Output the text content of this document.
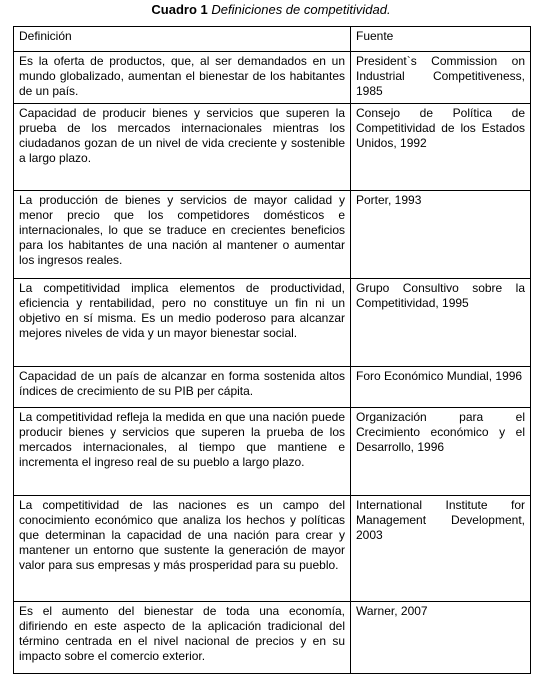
Cuadro 1 Definiciones de competitividad.
Definición	Fuente
Es la oferta de productos, que, al ser demandados en un mundo globalizado, aumentan el bienestar de los habitantes de un país.	President`s Commission on Industrial Competitiveness, 1985
Capacidad de producir bienes y servicios que superen la prueba de los mercados internacionales mientras los ciudadanos gozan de un nivel de vida creciente y sostenible a largo plazo.	Consejo de Política de Competitividad de los Estados Unidos, 1992
La producción de bienes y servicios de mayor calidad y menor precio que los competidores domésticos e internacionales, lo que se traduce en crecientes beneficios para los habitantes de una nación al mantener o aumentar los ingresos reales.	Porter, 1993
La competitividad implica elementos de productividad, eficiencia y rentabilidad, pero no constituye un fin ni un objetivo en sí misma. Es un medio poderoso para alcanzar mejores niveles de vida y un mayor bienestar social.	Grupo Consultivo sobre la Competitividad, 1995
Capacidad de un país de alcanzar en forma sostenida altos índices de crecimiento de su PIB per cápita.	Foro Económico Mundial, 1996
La competitividad refleja la medida en que una nación puede producir bienes y servicios que superen la prueba de los mercados internacionales, al tiempo que mantiene e incrementa el ingreso real de su pueblo a largo plazo.	Organización para el Crecimiento económico y el Desarrollo, 1996
La competitividad de las naciones es un campo del conocimiento económico que analiza los hechos y políticas que determinan la capacidad de una nación para crear y mantener un entorno que sustente la generación de mayor valor para sus empresas y más prosperidad para su pueblo.	International Institute for Management Development, 2003
Es el aumento del bienestar de toda una economía, difiriendo en este aspecto de la aplicación tradicional del término centrada en el nivel nacional de precios y en su impacto sobre el comercio exterior.	Warner, 2007
